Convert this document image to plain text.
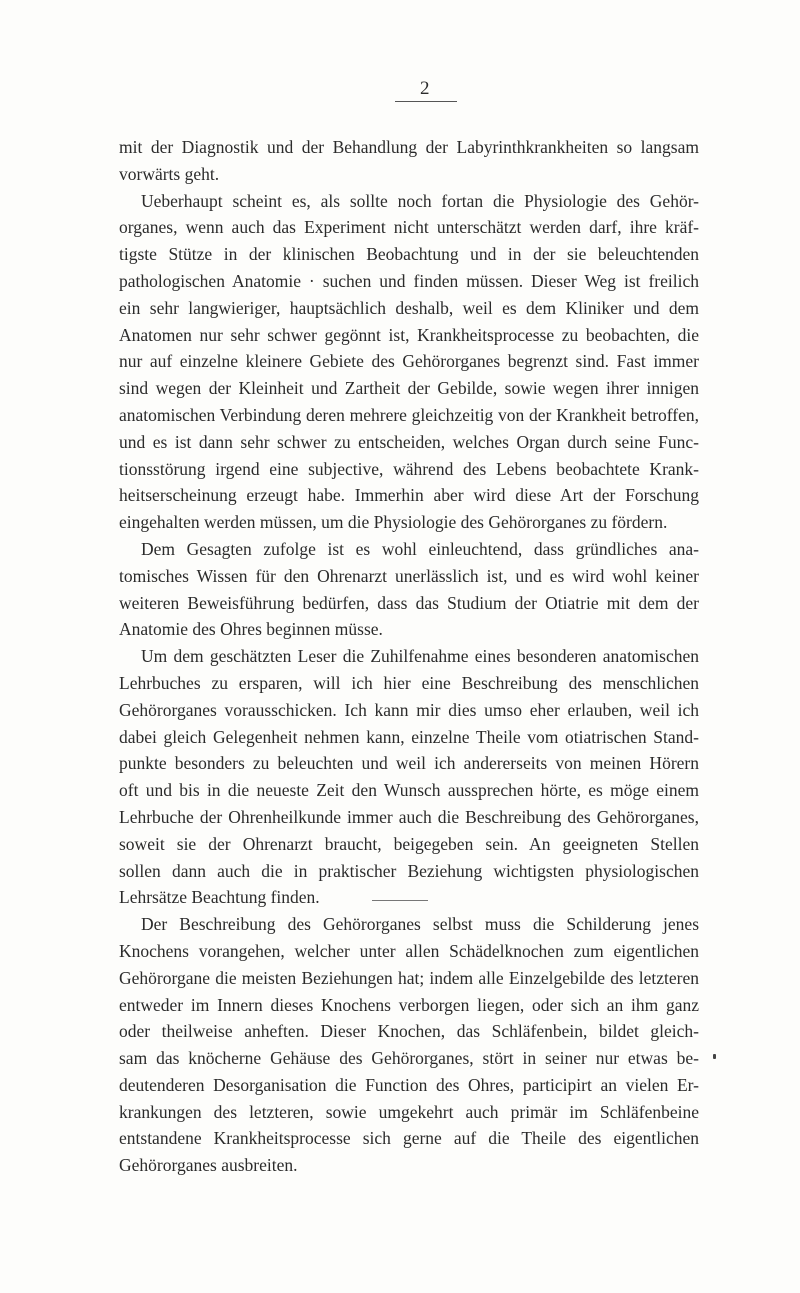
2
mit der Diagnostik und der Behandlung der Labyrinthkrankheiten so langsam
vorwärts geht.
Ueberhaupt scheint es, als sollte noch fortan die Physiologie des Gehör-
organes, wenn auch das Experiment nicht unterschätzt werden darf, ihre kräf-
tigste Stütze in der klinischen Beobachtung und in der sie beleuchtenden
pathologischen Anatomie · suchen und finden müssen. Dieser Weg ist freilich
ein sehr langwieriger, hauptsächlich deshalb, weil es dem Kliniker und dem
Anatomen nur sehr schwer gegönnt ist, Krankheitsprocesse zu beobachten, die
nur auf einzelne kleinere Gebiete des Gehörorganes begrenzt sind. Fast immer
sind wegen der Kleinheit und Zartheit der Gebilde, sowie wegen ihrer innigen
anatomischen Verbindung deren mehrere gleichzeitig von der Krankheit betroffen,
und es ist dann sehr schwer zu entscheiden, welches Organ durch seine Func-
tionsstörung irgend eine subjective, während des Lebens beobachtete Krank-
heitserscheinung erzeugt habe. Immerhin aber wird diese Art der Forschung
eingehalten werden müssen, um die Physiologie des Gehörorganes zu fördern.
Dem Gesagten zufolge ist es wohl einleuchtend, dass gründliches ana-
tomisches Wissen für den Ohrenarzt unerlässlich ist, und es wird wohl keiner
weiteren Beweisführung bedürfen, dass das Studium der Otiatrie mit dem der
Anatomie des Ohres beginnen müsse.
Um dem geschätzten Leser die Zuhilfenahme eines besonderen anatomischen
Lehrbuches zu ersparen, will ich hier eine Beschreibung des menschlichen
Gehörorganes vorausschicken. Ich kann mir dies umso eher erlauben, weil ich
dabei gleich Gelegenheit nehmen kann, einzelne Theile vom otiatrischen Stand-
punkte besonders zu beleuchten und weil ich andererseits von meinen Hörern
oft und bis in die neueste Zeit den Wunsch aussprechen hörte, es möge einem
Lehrbuche der Ohrenheilkunde immer auch die Beschreibung des Gehörorganes,
soweit sie der Ohrenarzt braucht, beigegeben sein. An geeigneten Stellen
sollen dann auch die in praktischer Beziehung wichtigsten physiologischen
Lehrsätze Beachtung finden.
Der Beschreibung des Gehörorganes selbst muss die Schilderung jenes
Knochens vorangehen, welcher unter allen Schädelknochen zum eigentlichen
Gehörorgane die meisten Beziehungen hat; indem alle Einzelgebilde des letzteren
entweder im Innern dieses Knochens verborgen liegen, oder sich an ihm ganz
oder theilweise anheften. Dieser Knochen, das Schläfenbein, bildet gleich-
sam das knöcherne Gehäuse des Gehörorganes, stört in seiner nur etwas be-
deutenderen Desorganisation die Function des Ohres, participirt an vielen Er-
krankungen des letzteren, sowie umgekehrt auch primär im Schläfenbeine
entstandene Krankheitsprocesse sich gerne auf die Theile des eigentlichen
Gehörorganes ausbreiten.
